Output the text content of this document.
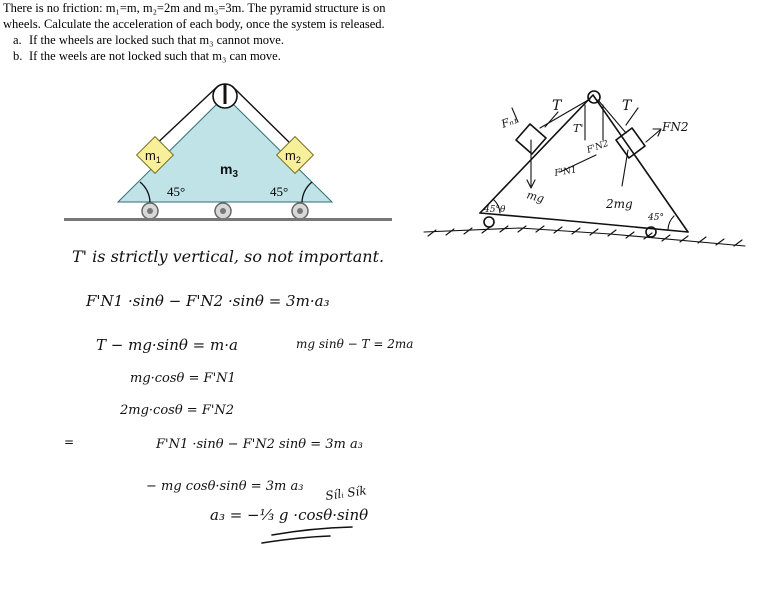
There is no friction: m₁=m, m₂=2m and m₃=3m. The pyramid structure is on

wheels. Calculate the acceleration of each body, once the system is released.

a. If the wheels are locked such that m₃ cannot move.

b. If the weels are not locked such that m₃ can move.

$m_1$	$m_2$
$m_3$
45°	45°
Fₙ₁
T
T'
T
FN2
F'N2
F'N1
mg	2mg
45°θ
45°
T' is strictly vertical, so not important.
F'N1 ·sinθ − F'N2 ·sinθ = 3m·a₃
T − mg·sinθ = m·a	mg sinθ − T = 2ma
mg·cosθ = F'N1
2mg·cosθ = F'N2
=	F'N1 ·sinθ − F'N2 sinθ = 3m a₃
− mg cosθ·sinθ = 3m a₃ Sílᵢ Sík
a₃ = −⅓ g ·cosθ·sinθ
